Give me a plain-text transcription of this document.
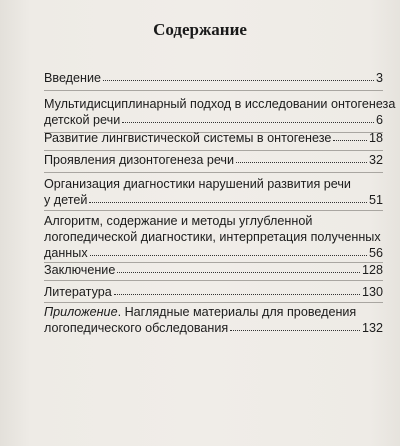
Содержание
Введение	3
Мультидисциплинарный подход в исследовании онтогенеза
детской речи	6
Развитие лингвистической системы в онтогенезе	18
Проявления дизонтогенеза речи	32
Организация диагностики нарушений развития речи
у детей	51
Алгоритм, содержание и методы углубленной
логопедической диагностики, интерпретация полученных
данных	56
Заключение	128
Литература	130
Приложение . Наглядные материалы для проведения
логопедического обследования	132
